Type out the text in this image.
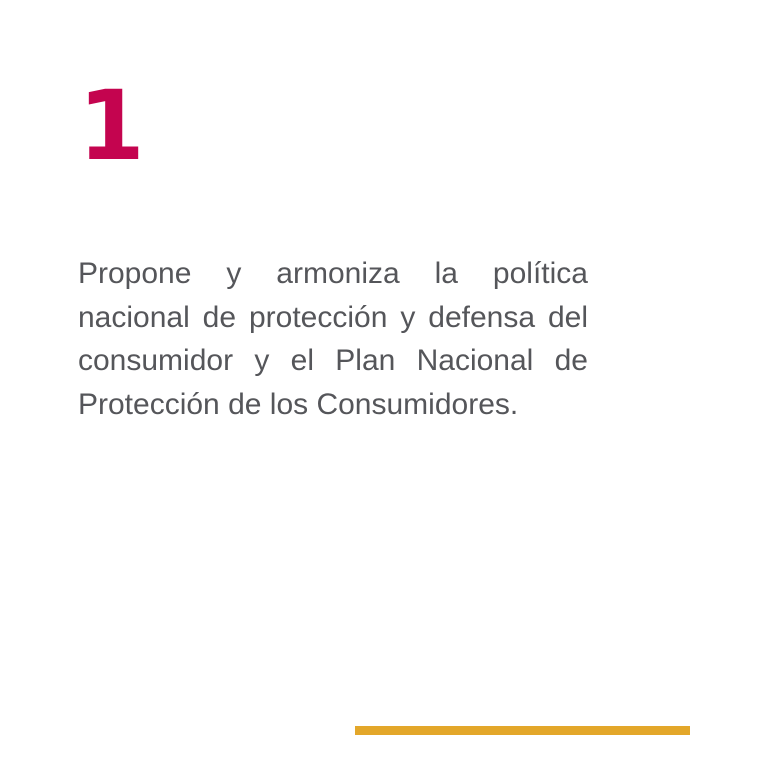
1
Propone y armoniza la política nacional de protección y defensa del consumidor y el Plan Nacional de Protección de los Consumidores.
